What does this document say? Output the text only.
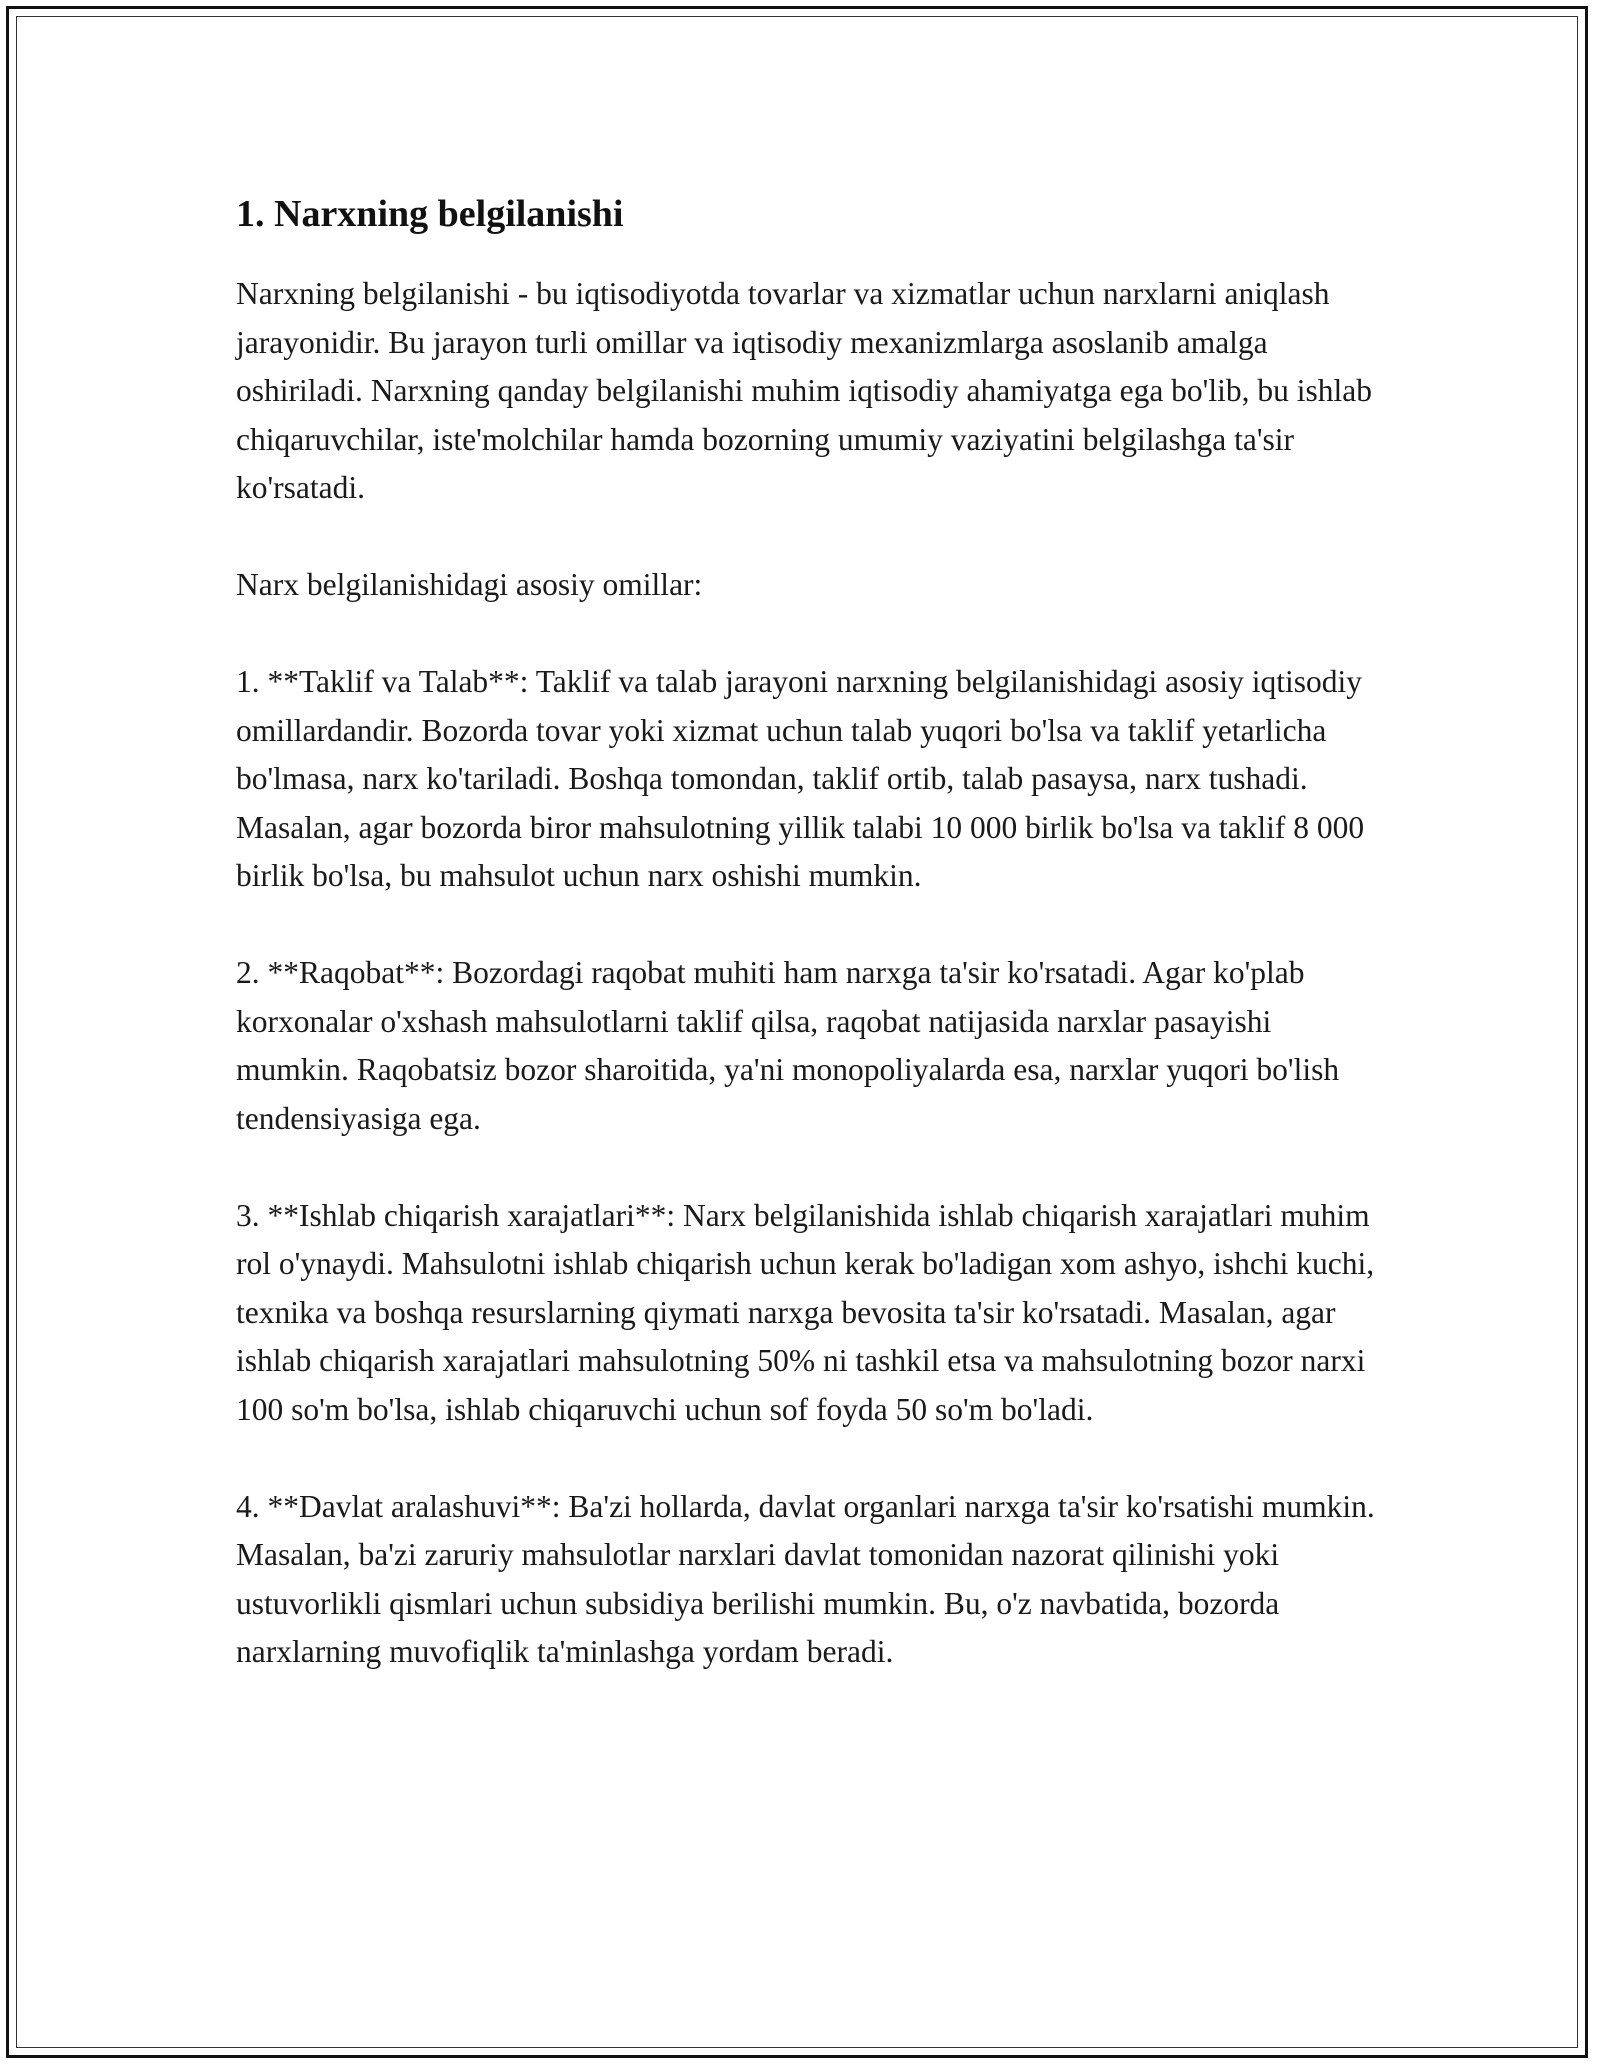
1. Narxning belgilanishi

Narxning belgilanishi - bu iqtisodiyotda tovarlar va xizmatlar uchun narxlarni aniqlash jarayonidir. Bu jarayon turli omillar va iqtisodiy mexanizmlarga asoslanib amalga oshiriladi. Narxning qanday belgilanishi muhim iqtisodiy ahamiyatga ega bo'lib, bu ishlab chiqaruvchilar, iste'molchilar hamda bozorning umumiy vaziyatini belgilashga ta'sir ko'rsatadi.

Narx belgilanishidagi asosiy omillar:

1. **Taklif va Talab**: Taklif va talab jarayoni narxning belgilanishidagi asosiy iqtisodiy omillardandir. Bozorda tovar yoki xizmat uchun talab yuqori bo'lsa va taklif yetarlicha bo'lmasa, narx ko'tariladi. Boshqa tomondan, taklif ortib, talab pasaysa, narx tushadi. Masalan, agar bozorda biror mahsulotning yillik talabi 10 000 birlik bo'lsa va taklif 8 000 birlik bo'lsa, bu mahsulot uchun narx oshishi mumkin.

2. **Raqobat**: Bozordagi raqobat muhiti ham narxga ta'sir ko'rsatadi. Agar ko'plab korxonalar o'xshash mahsulotlarni taklif qilsa, raqobat natijasida narxlar pasayishi mumkin. Raqobatsiz bozor sharoitida, ya'ni monopoliyalarda esa, narxlar yuqori bo'lish tendensiyasiga ega.

3. **Ishlab chiqarish xarajatlari**: Narx belgilanishida ishlab chiqarish xarajatlari muhim rol o'ynaydi. Mahsulotni ishlab chiqarish uchun kerak bo'ladigan xom ashyo, ishchi kuchi, texnika va boshqa resurslarning qiymati narxga bevosita ta'sir ko'rsatadi. Masalan, agar ishlab chiqarish xarajatlari mahsulotning 50% ni tashkil etsa va mahsulotning bozor narxi 100 so'm bo'lsa, ishlab chiqaruvchi uchun sof foyda 50 so'm bo'ladi.

4. **Davlat aralashuvi**: Ba'zi hollarda, davlat organlari narxga ta'sir ko'rsatishi mumkin. Masalan, ba'zi zaruriy mahsulotlar narxlari davlat tomonidan nazorat qilinishi yoki ustuvorlikli qismlari uchun subsidiya berilishi mumkin. Bu, o'z navbatida, bozorda narxlarning muvofiqlik ta'minlashga yordam beradi.
